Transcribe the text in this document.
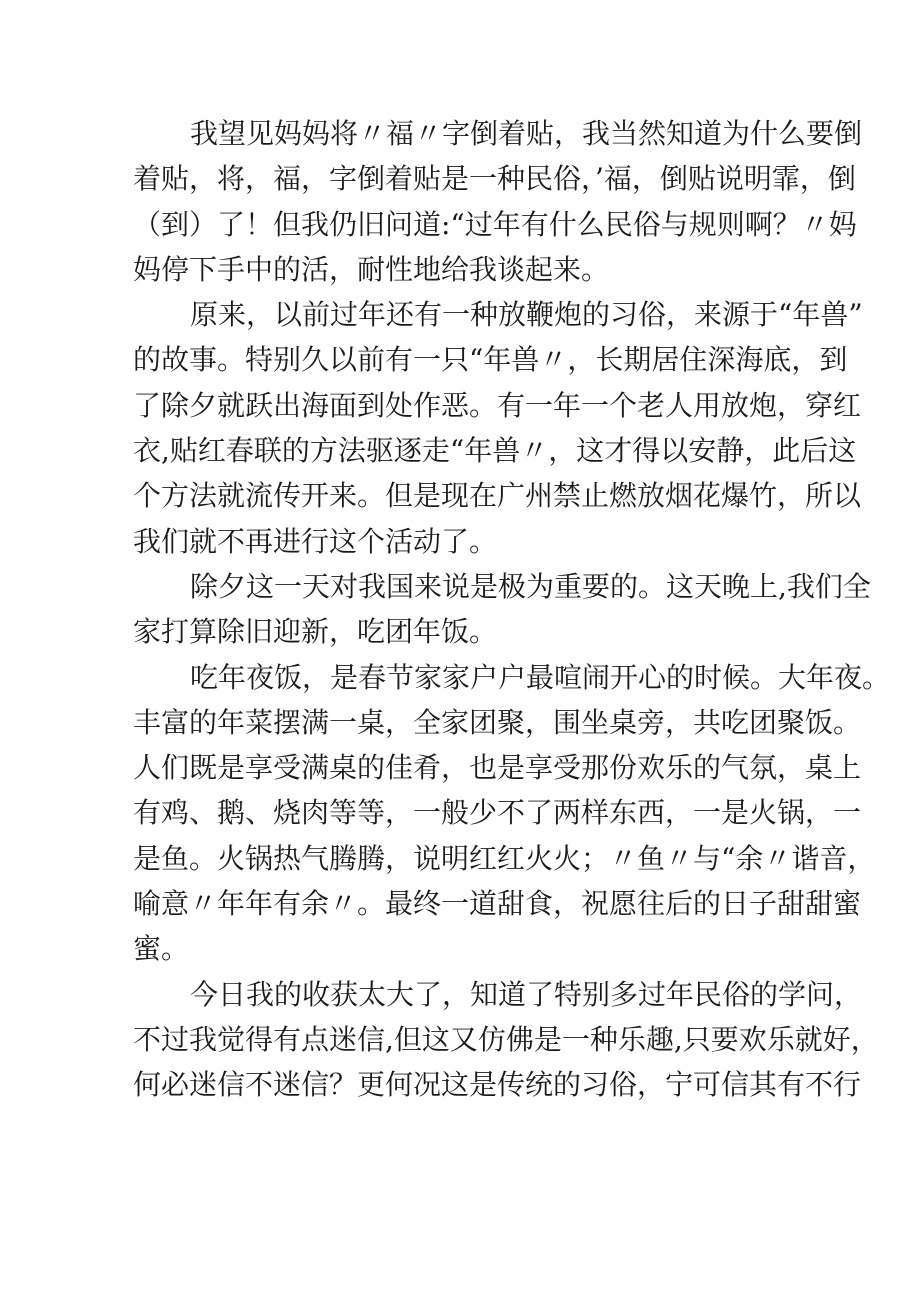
我望见妈妈将〃福〃字倒着贴，我当然知道为什么要倒
着贴，将，福，字倒着贴是一种民俗，’福，倒贴说明霏，倒
（到）了！但我仍旧问道:“过年有什么民俗与规则啊？〃妈
妈停下手中的活，耐性地给我谈起来。

原来，以前过年还有一种放鞭炮的习俗，来源于“年兽”
的故事。特别久以前有一只“年兽〃，长期居住深海底，到
了除夕就跃出海面到处作恶。有一年一个老人用放炮，穿红
衣,贴红春联的方法驱逐走“年兽〃，这才得以安静，此后这
个方法就流传开来。但是现在广州禁止燃放烟花爆竹，所以
我们就不再进行这个活动了。

除夕这一天对我国来说是极为重要的。这天晚上,我们全
家打算除旧迎新，吃团年饭。

吃年夜饭，是春节家家户户最喧闹开心的时候。大年夜。
丰富的年菜摆满一桌，全家团聚，围坐桌旁，共吃团聚饭。
人们既是享受满桌的佳肴，也是享受那份欢乐的气氛，桌上
有鸡、鹅、烧肉等等，一般少不了两样东西，一是火锅，一
是鱼。火锅热气腾腾，说明红红火火；〃鱼〃与“余〃谐音，
喻意〃年年有余〃。最终一道甜食，祝愿往后的日子甜甜蜜
蜜。

今日我的收获太大了，知道了特别多过年民俗的学问，
不过我觉得有点迷信,但这又仿佛是一种乐趣,只要欢乐就好，
何必迷信不迷信？更何况这是传统的习俗，宁可信其有不行
